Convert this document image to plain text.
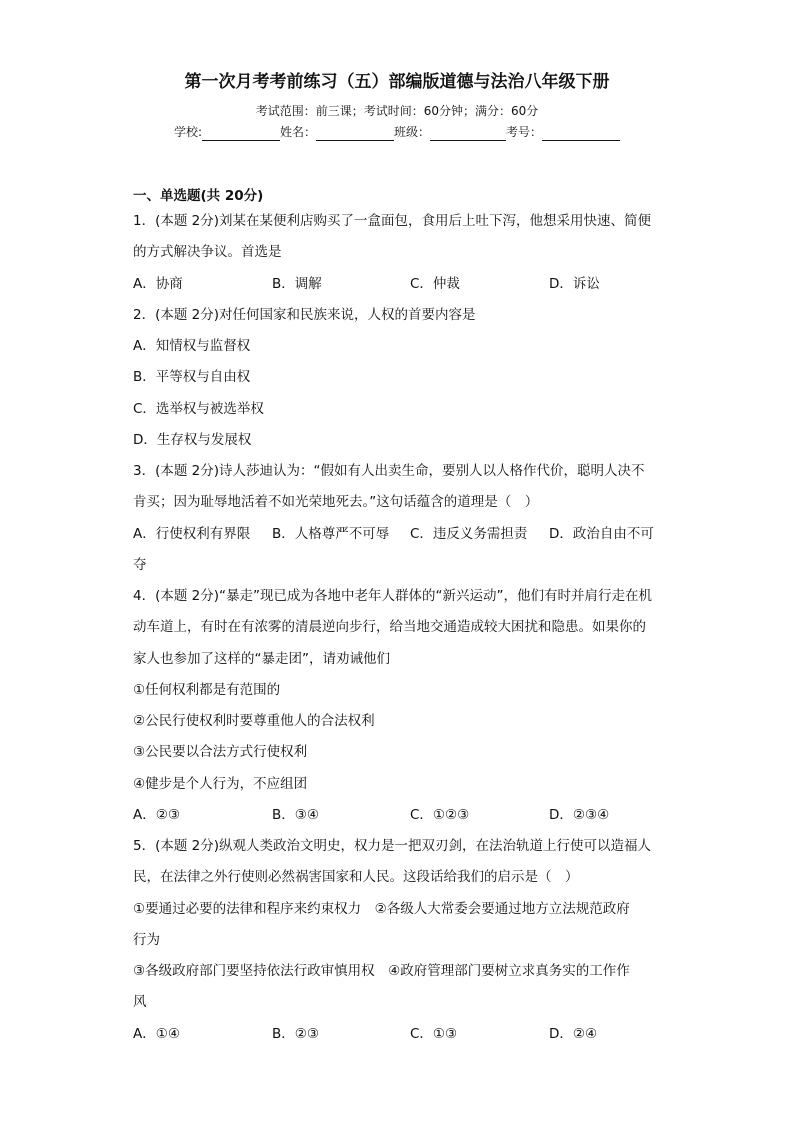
第一次月考考前练习（五）部编版道德与法治八年级下册
考试范围：前三课；考试时间：60分钟；满分：60分
学校:	姓名：	班级：	考号：
一、单选题(共 20分)
1．(本题 2分)刘某在某便利店购买了一盒面包，食用后上吐下泻，他想采用快速、简便
的方式解决争议。首选是
A．协商	B．调解	C．仲裁	D．诉讼
2．(本题 2分)对任何国家和民族来说，人权的首要内容是
A．知情权与监督权
B．平等权与自由权
C．选举权与被选举权
D．生存权与发展权
3．(本题 2分)诗人莎迪认为：“假如有人出卖生命，要别人以人格作代价，聪明人决不
肯买；因为耻辱地活着不如光荣地死去。”这句话蕴含的道理是（　）
A．行使权利有界限 B．人格尊严不可辱 C．违反义务需担责 D．政治自由不可
夺
4．(本题 2分)“暴走”现已成为各地中老年人群体的“新兴运动”，他们有时并肩行走在机
动车道上，有时在有浓雾的清晨逆向步行，给当地交通造成较大困扰和隐患。如果你的
家人也参加了这样的“暴走团”，请劝诫他们
①任何权利都是有范围的
②公民行使权利时要尊重他人的合法权利
③公民要以合法方式行使权利
④健步是个人行为，不应组团
A．②③	B．③④	C．①②③	D．②③④
5．(本题 2分)纵观人类政治文明史，权力是一把双刃剑，在法治轨道上行使可以造福人
民，在法律之外行使则必然祸害国家和人民。这段话给我们的启示是（　）
①要通过必要的法律和程序来约束权力　②各级人大常委会要通过地方立法规范政府
行为
③各级政府部门要坚持依法行政审慎用权　④政府管理部门要树立求真务实的工作作
风
A．①④	B．②③	C．①③	D．②④
